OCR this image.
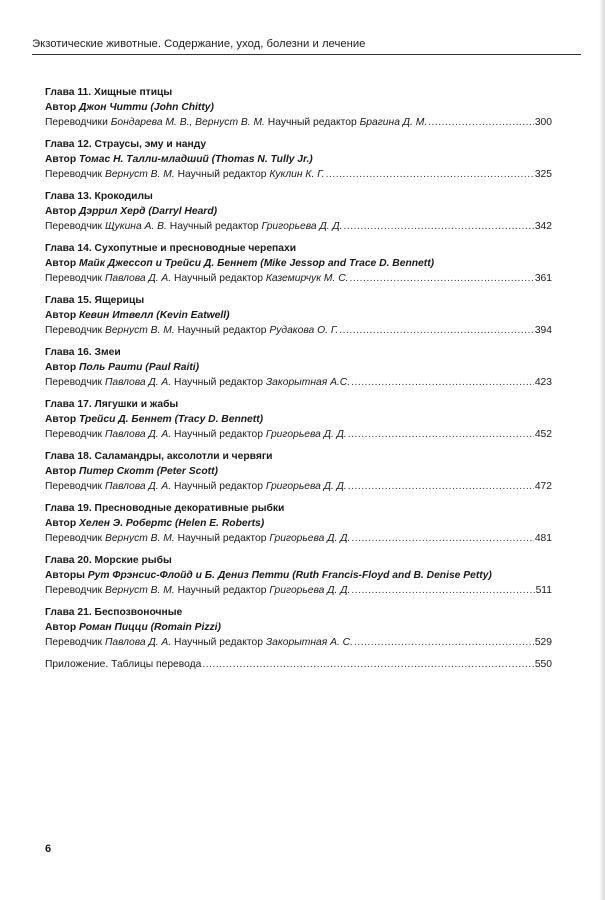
Экзотические животные. Содержание, уход, болезни и лечение
Глава 11. Хищные птицы
Автор Джон Читти (John Chitty)
Переводчики Бондарева М. В., Вернуст В. М. Научный редактор Брагина Д. М. .....	300
Глава 12. Страусы, эму и нанду
Автор Томас Н. Талли-младший (Thomas N. Tully Jr.)
Переводчик Вернуст В. М. Научный редактор Куклин К. Г. .....	325
Глава 13. Крокодилы
Автор Дэррил Херд (Darryl Heard)
Переводчик Щукина А. В. Научный редактор Григорьева Д. Д. .....	342
Глава 14. Сухопутные и пресноводные черепахи
Автор Майк Джессоп и Трейси Д. Беннет (Mike Jessop and Trace D. Bennett)
Переводчик Павлова Д. А. Научный редактор Каземирчук М. С. .....	361
Глава 15. Ящерицы
Автор Кевин Итвелл (Kevin Eatwell)
Переводчик Вернуст В. М. Научный редактор Рудакова О. Г. .....	394
Глава 16. Змеи
Автор Поль Раити (Paul Raiti)
Переводчик Павлова Д. А. Научный редактор Закорытная А.С. .....	423
Глава 17. Лягушки и жабы
Автор Трейси Д. Беннет (Tracy D. Bennett)
Переводчик Павлова Д. А. Научный редактор Григорьева Д. Д. .....	452
Глава 18. Саламандры, аксолотли и червяги
Автор Питер Скотт (Peter Scott)
Переводчик Павлова Д. А. Научный редактор Григорьева Д. Д. .....	472
Глава 19. Пресноводные декоративные рыбки
Автор Хелен Э. Робертс (Helen E. Roberts)
Переводчик Вернуст В. М. Научный редактор Григорьева Д. Д. .....	481
Глава 20. Морские рыбы
Авторы Рут Фрэнсис-Флойд и Б. Дениз Петти (Ruth Francis-Floyd and B. Denise Petty)
Переводчик Вернуст В. М. Научный редактор Григорьева Д. Д. .....	511
Глава 21. Беспозвоночные
Автор Роман Пицци (Romain Pizzi)
Переводчик Павлова Д. А. Научный редактор Закорытная А. С. .....	529
Приложение. Таблицы перевода .....	550
6
